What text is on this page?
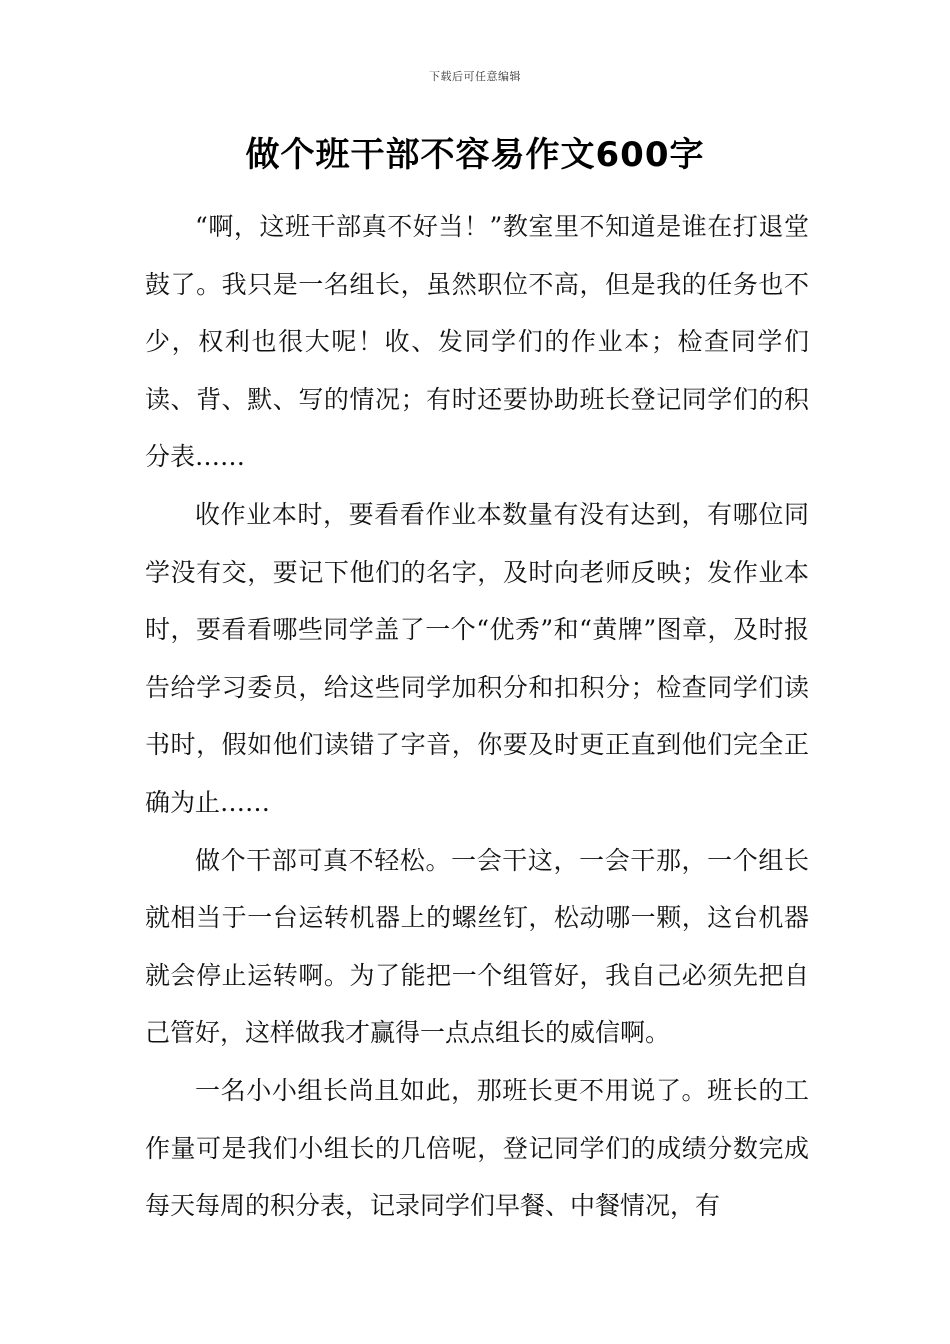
下载后可任意编辑
做个班干部不容易作文600字

“啊，这班干部真不好当！”教室里不知道是谁在打退堂鼓了。我只是一名组长，虽然职位不高，但是我的任务也不少，权利也很大呢！收、发同学们的作业本；检查同学们读、背、默、写的情况；有时还要协助班长登记同学们的积分表……

收作业本时，要看看作业本数量有没有达到，有哪位同学没有交，要记下他们的名字，及时向老师反映；发作业本时，要看看哪些同学盖了一个“优秀”和“黄牌”图章，及时报告给学习委员，给这些同学加积分和扣积分；检查同学们读书时，假如他们读错了字音，你要及时更正直到他们完全正确为止……

做个干部可真不轻松。一会干这，一会干那，一个组长就相当于一台运转机器上的螺丝钉，松动哪一颗，这台机器就会停止运转啊。为了能把一个组管好，我自己必须先把自己管好，这样做我才赢得一点点组长的威信啊。

一名小小组长尚且如此，那班长更不用说了。班长的工作量可是我们小组长的几倍呢，登记同学们的成绩分数完成每天每周的积分表，记录同学们早餐、中餐情况，有
